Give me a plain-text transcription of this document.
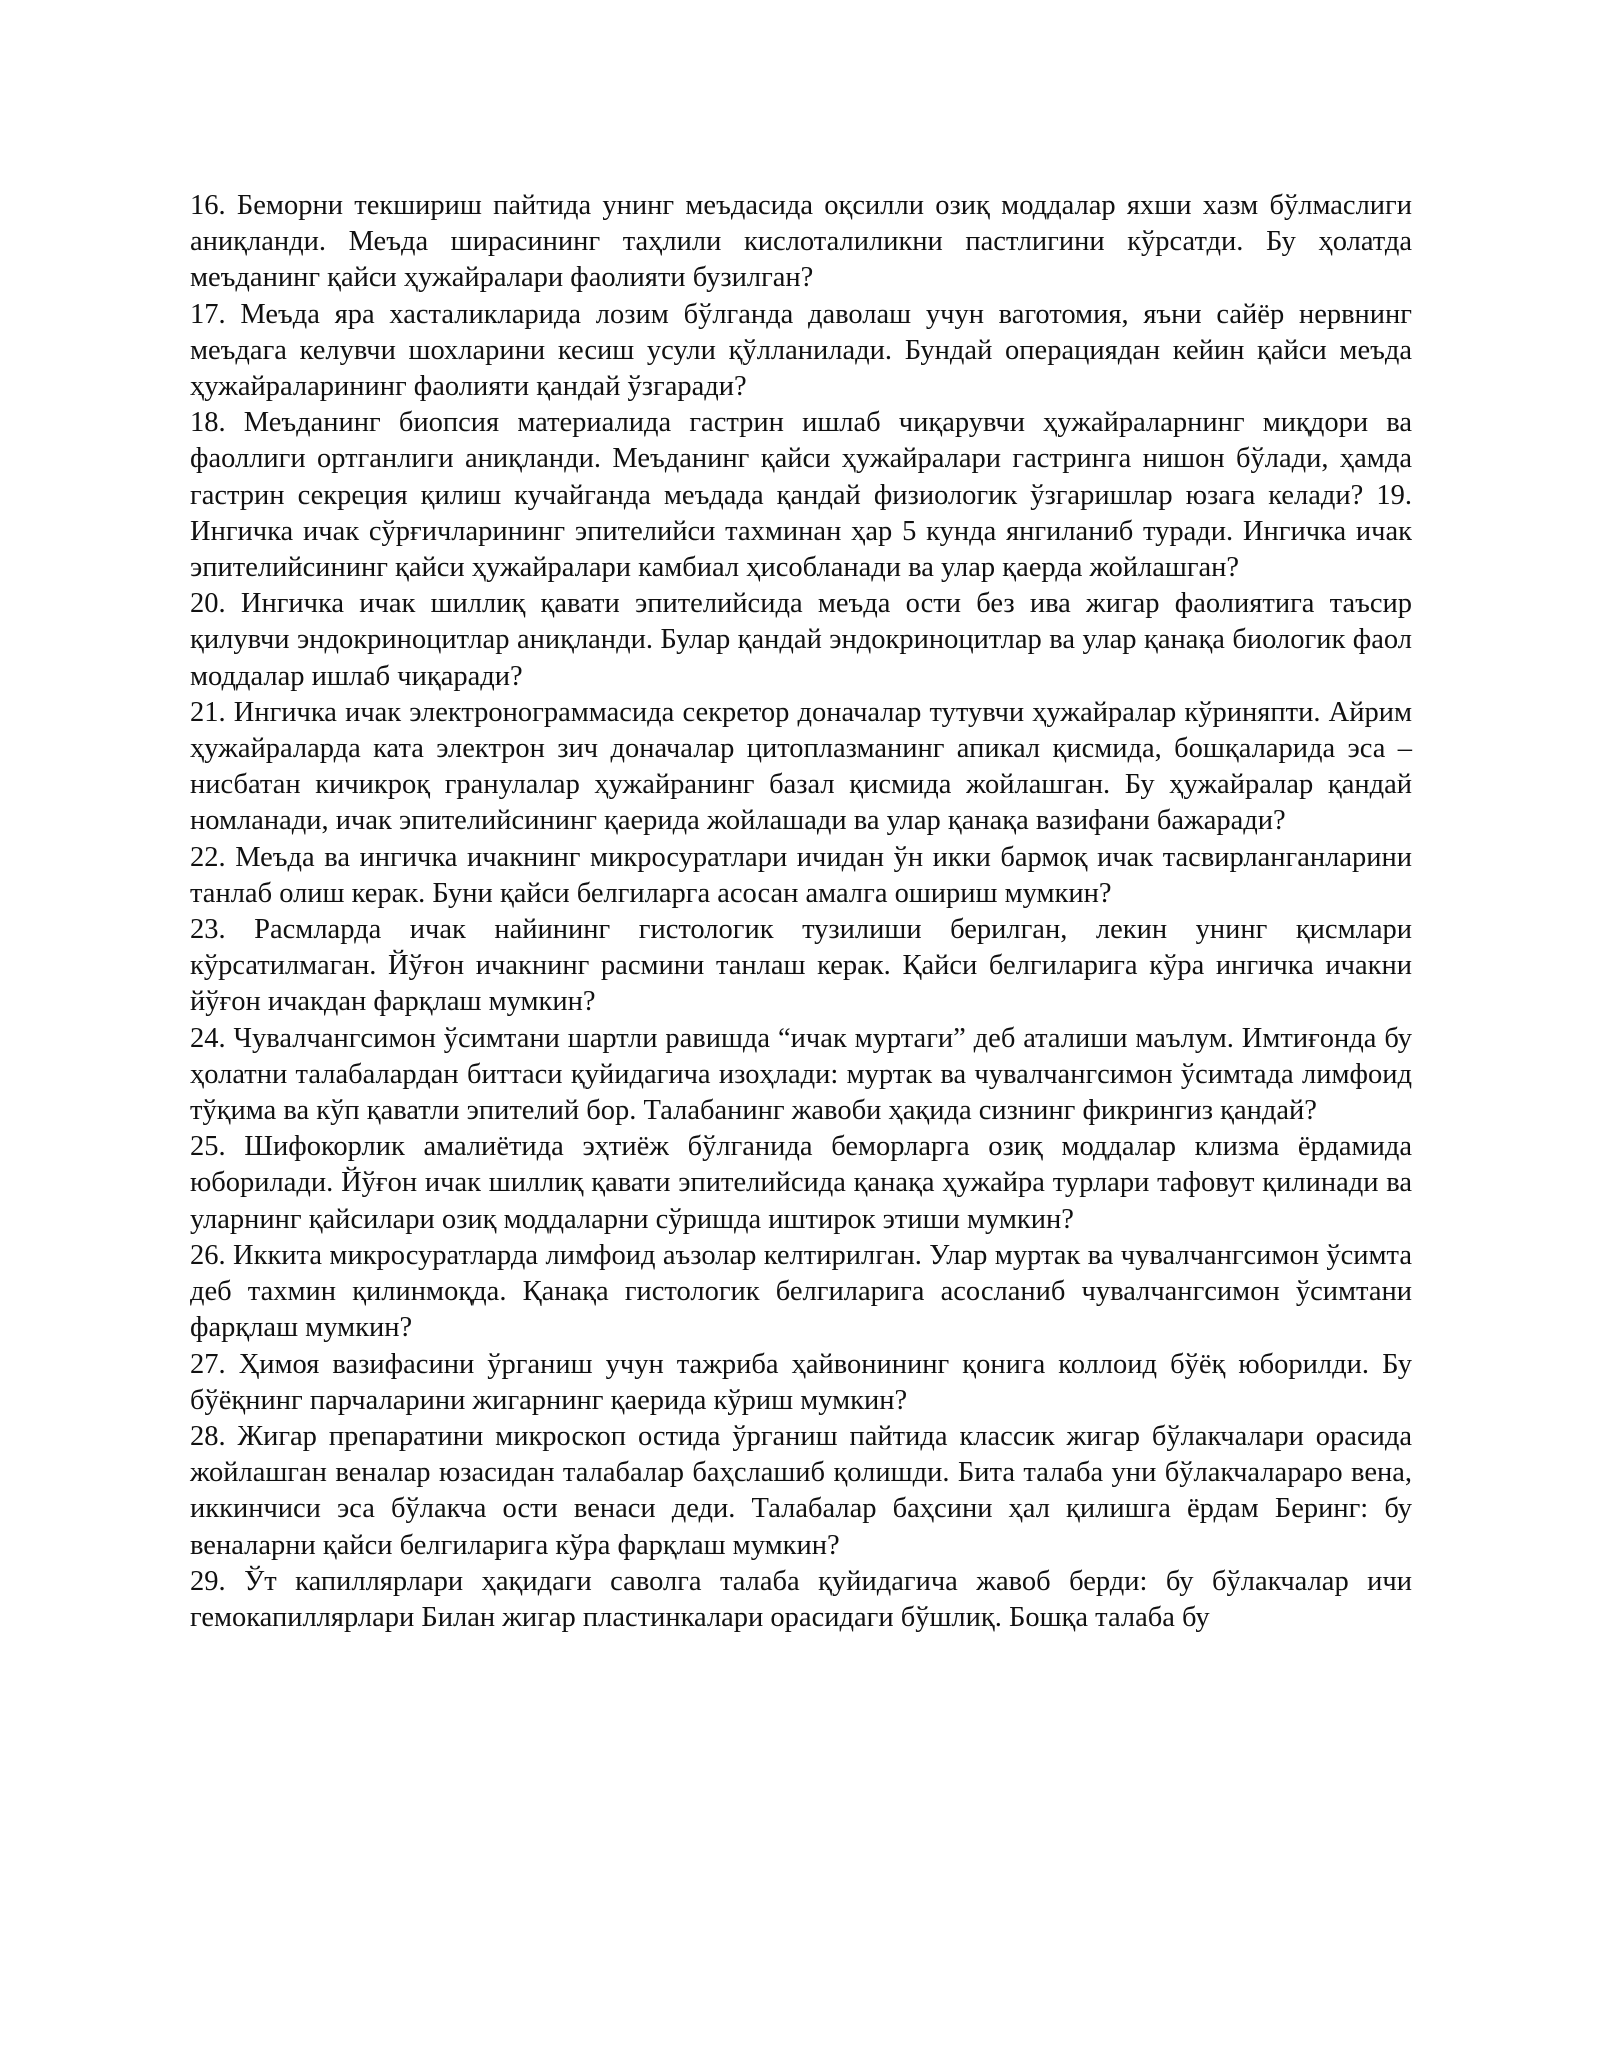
16. Беморни текшириш пайтида унинг меъдасида оқсилли озиқ моддалар яхши хазм бўлмаслиги аниқланди. Меъда ширасининг таҳлили кислоталиликни пастлигини кўрсатди. Бу ҳолатда меъданинг қайси ҳужайралари фаолияти бузилган?

17. Меъда яра хасталикларида лозим бўлганда даволаш учун ваготомия, яъни сайёр нервнинг меъдага келувчи шохларини кесиш усули қўлланилади. Бундай операциядан кейин қайси меъда ҳужайраларининг фаолияти қандай ўзгаради?

18. Меъданинг биопсия материалида гастрин ишлаб чиқарувчи ҳужайраларнинг миқдори ва фаоллиги ортганлиги аниқланди. Меъданинг қайси ҳужайралари гастринга нишон бўлади, ҳамда гастрин секреция қилиш кучайганда меъдада қандай физиологик ўзгаришлар юзага келади? 19. Ингичка ичак сўрғичларининг эпителийси тахминан ҳар 5 кунда янгиланиб туради. Ингичка ичак эпителийсининг қайси ҳужайралари камбиал ҳисобланади ва улар қаерда жойлашган?

20. Ингичка ичак шиллиқ қавати эпителийсида меъда ости без ива жигар фаолиятига таъсир қилувчи эндокриноцитлар аниқланди. Булар қандай эндокриноцитлар ва улар қанақа биологик фаол моддалар ишлаб чиқаради?

21. Ингичка ичак электронограммасида секретор доначалар тутувчи ҳужайралар кўриняпти. Айрим ҳужайраларда ката электрон зич доначалар цитоплазманинг апикал қисмида, бошқаларида эса – нисбатан кичикроқ гранулалар ҳужайранинг базал қисмида жойлашган. Бу ҳужайралар қандай номланади, ичак эпителийсининг қаерида жойлашади ва улар қанақа вазифани бажаради?

22. Меъда ва ингичка ичакнинг микросуратлари ичидан ўн икки бармоқ ичак тасвирланганларини танлаб олиш керак. Буни қайси белгиларга асосан амалга ошириш мумкин?

23. Расмларда ичак найининг гистологик тузилиши берилган, лекин унинг қисмлари кўрсатилмаган. Йўғон ичакнинг расмини танлаш керак. Қайси белгиларига кўра ингичка ичакни йўғон ичакдан фарқлаш мумкин?

24. Чувалчангсимон ўсимтани шартли равишда “ичак муртаги” деб аталиши маълум. Имтиғонда бу ҳолатни талабалардан биттаси қуйидагича изоҳлади: муртак ва чувалчангсимон ўсимтада лимфоид тўқима ва кўп қаватли эпителий бор. Талабанинг жавоби ҳақида сизнинг фикрингиз қандай?

25. Шифокорлик амалиётида эҳтиёж бўлганида беморларга озиқ моддалар клизма ёрдамида юборилади. Йўғон ичак шиллиқ қавати эпителийсида қанақа ҳужайра турлари тафовут қилинади ва уларнинг қайсилари озиқ моддаларни сўришда иштирок этиши мумкин?

26. Иккита микросуратларда лимфоид аъзолар келтирилган. Улар муртак ва чувалчангсимон ўсимта деб тахмин қилинмоқда. Қанақа гистологик белгиларига асосланиб чувалчангсимон ўсимтани фарқлаш мумкин?

27. Ҳимоя вазифасини ўрганиш учун тажриба ҳайвонининг қонига коллоид бўёқ юборилди. Бу бўёқнинг парчаларини жигарнинг қаерида кўриш мумкин?

28. Жигар препаратини микроскоп остида ўрганиш пайтида классик жигар бўлакчалари орасида жойлашган веналар юзасидан талабалар баҳслашиб қолишди. Бита талаба уни бўлакчалараро вена, иккинчиси эса бўлакча ости венаси деди. Талабалар баҳсини ҳал қилишга ёрдам Беринг: бу веналарни қайси белгиларига кўра фарқлаш мумкин?

29. Ўт капиллярлари ҳақидаги саволга талаба қуйидагича жавоб берди: бу бўлакчалар ичи гемокапиллярлари Билан жигар пластинкалари орасидаги бўшлиқ. Бошқа талаба бу
